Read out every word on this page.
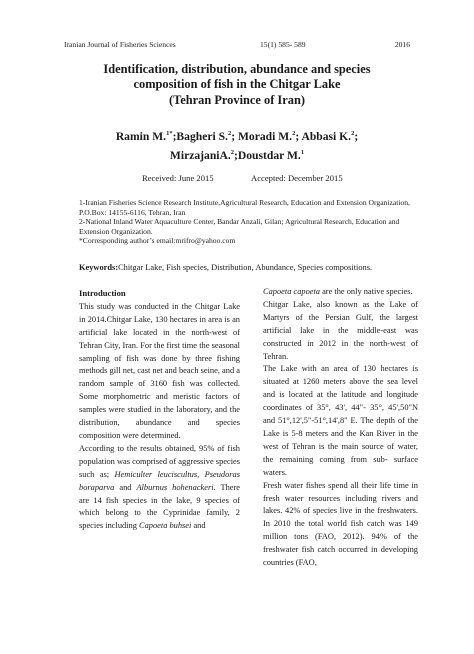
Iranian Journal of Fisheries Sciences	15(1) 585- 589	2016
Identification, distribution, abundance and species
composition of fish in the Chitgar Lake
(Tehran Province of Iran)
Ramin M.$^{1*}$;Bagheri S.$^2$; Moradi M.$^2$; Abbasi K.$^2$;
MirzajaniA.$^2$;Doustdar M.$^1$
Received: June 2015	Accepted: December 2015

1-Iranian Fisheries Science Research Institute,Agricultural Research, Education and Extension Organization, P.O.Box: 14155-6116, Tehran, Iran

2-National Inland Water Aquaculture Center, Bandar Anzali, Gilan; Agricultural Research, Education and Extension Organization.

*Corresponding author’s email:mrifro@yahoo.com

Keywords:Chitgar Lake, Fish species, Distribution, Abundance, Species compositions.
Introduction

This study was conducted in the Chitgar Lake in 2014.Chitgar Lake, 130 hectares in area is an artificial lake located in the north-west of Tehran City, Iran. For the first time the seasonal sampling of fish was done by three fishing methods gill net, cast net and beach seine, and a random sample of 3160 fish was collected. Some morphometric and meristic factors of samples were studied in the laboratory, and the distribution, abundance and species composition were determined.

According to the results obtained, 95% of fish population was comprised of aggressive species such as; Hemiculter leuciscultus, Pseudoras boraparva and Alburnus hohenackeri. There are 14 fish species in the lake, 9 species of which belong to the Cyprinidae family, 2 species including Capoeta buhsei and

Capoeta capoeta are the only native species.

Chitgar Lake, also known as the Lake of Martyrs of the Persian Gulf, the largest artificial lake in the middle-east was constructed in 2012 in the north-west of Tehran.

The Lake with an area of 130 hectares is situated at 1260 meters above the sea level and is located at the latitude and longitude coordinates of 35°, 43', 44"- 35°, 45',50"N and 51°,12',5"-51°,14',8" E. The depth of the Lake is 5-8 meters and the Kan River in the west of Tehran is the main source of water, the remaining coming from sub- surface waters.

Fresh water fishes spend all their life time in fresh water resources including rivers and lakes. 42% of species live in the freshwaters. In 2010 the total world fish catch was 149 million tons (FAO, 2012). 94% of the freshwater fish catch occurred in developing countries (FAO,
